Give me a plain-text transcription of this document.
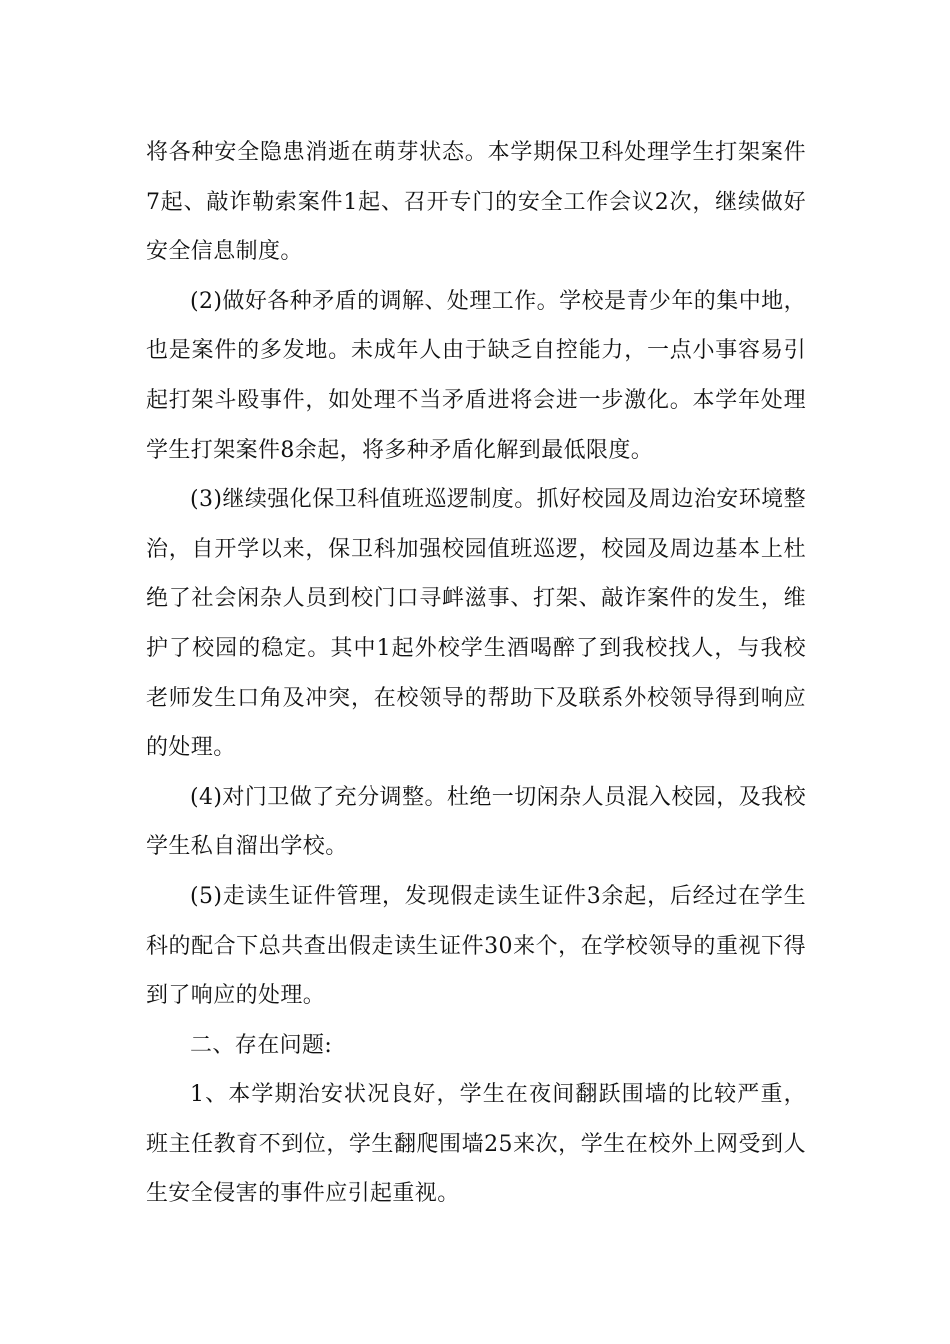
将各种安全隐患消逝在萌芽状态。本学期保卫科处理学生打架案件7起、敲诈勒索案件1起、召开专门的安全工作会议2次，继续做好安全信息制度。

(2)做好各种矛盾的调解、处理工作。学校是青少年的集中地，也是案件的多发地。未成年人由于缺乏自控能力，一点小事容易引起打架斗殴事件，如处理不当矛盾进将会进一步激化。本学年处理学生打架案件8余起，将多种矛盾化解到最低限度。

(3)继续强化保卫科值班巡逻制度。抓好校园及周边治安环境整治，自开学以来，保卫科加强校园值班巡逻，校园及周边基本上杜绝了社会闲杂人员到校门口寻衅滋事、打架、敲诈案件的发生，维护了校园的稳定。其中1起外校学生酒喝醉了到我校找人，与我校老师发生口角及冲突，在校领导的帮助下及联系外校领导得到响应的处理。

(4)对门卫做了充分调整。杜绝一切闲杂人员混入校园，及我校学生私自溜出学校。

(5)走读生证件管理，发现假走读生证件3余起，后经过在学生科的配合下总共查出假走读生证件30来个，在学校领导的重视下得到了响应的处理。

二、存在问题:

1、本学期治安状况良好，学生在夜间翻跃围墙的比较严重，班主任教育不到位，学生翻爬围墙25来次，学生在校外上网受到人生安全侵害的事件应引起重视。
